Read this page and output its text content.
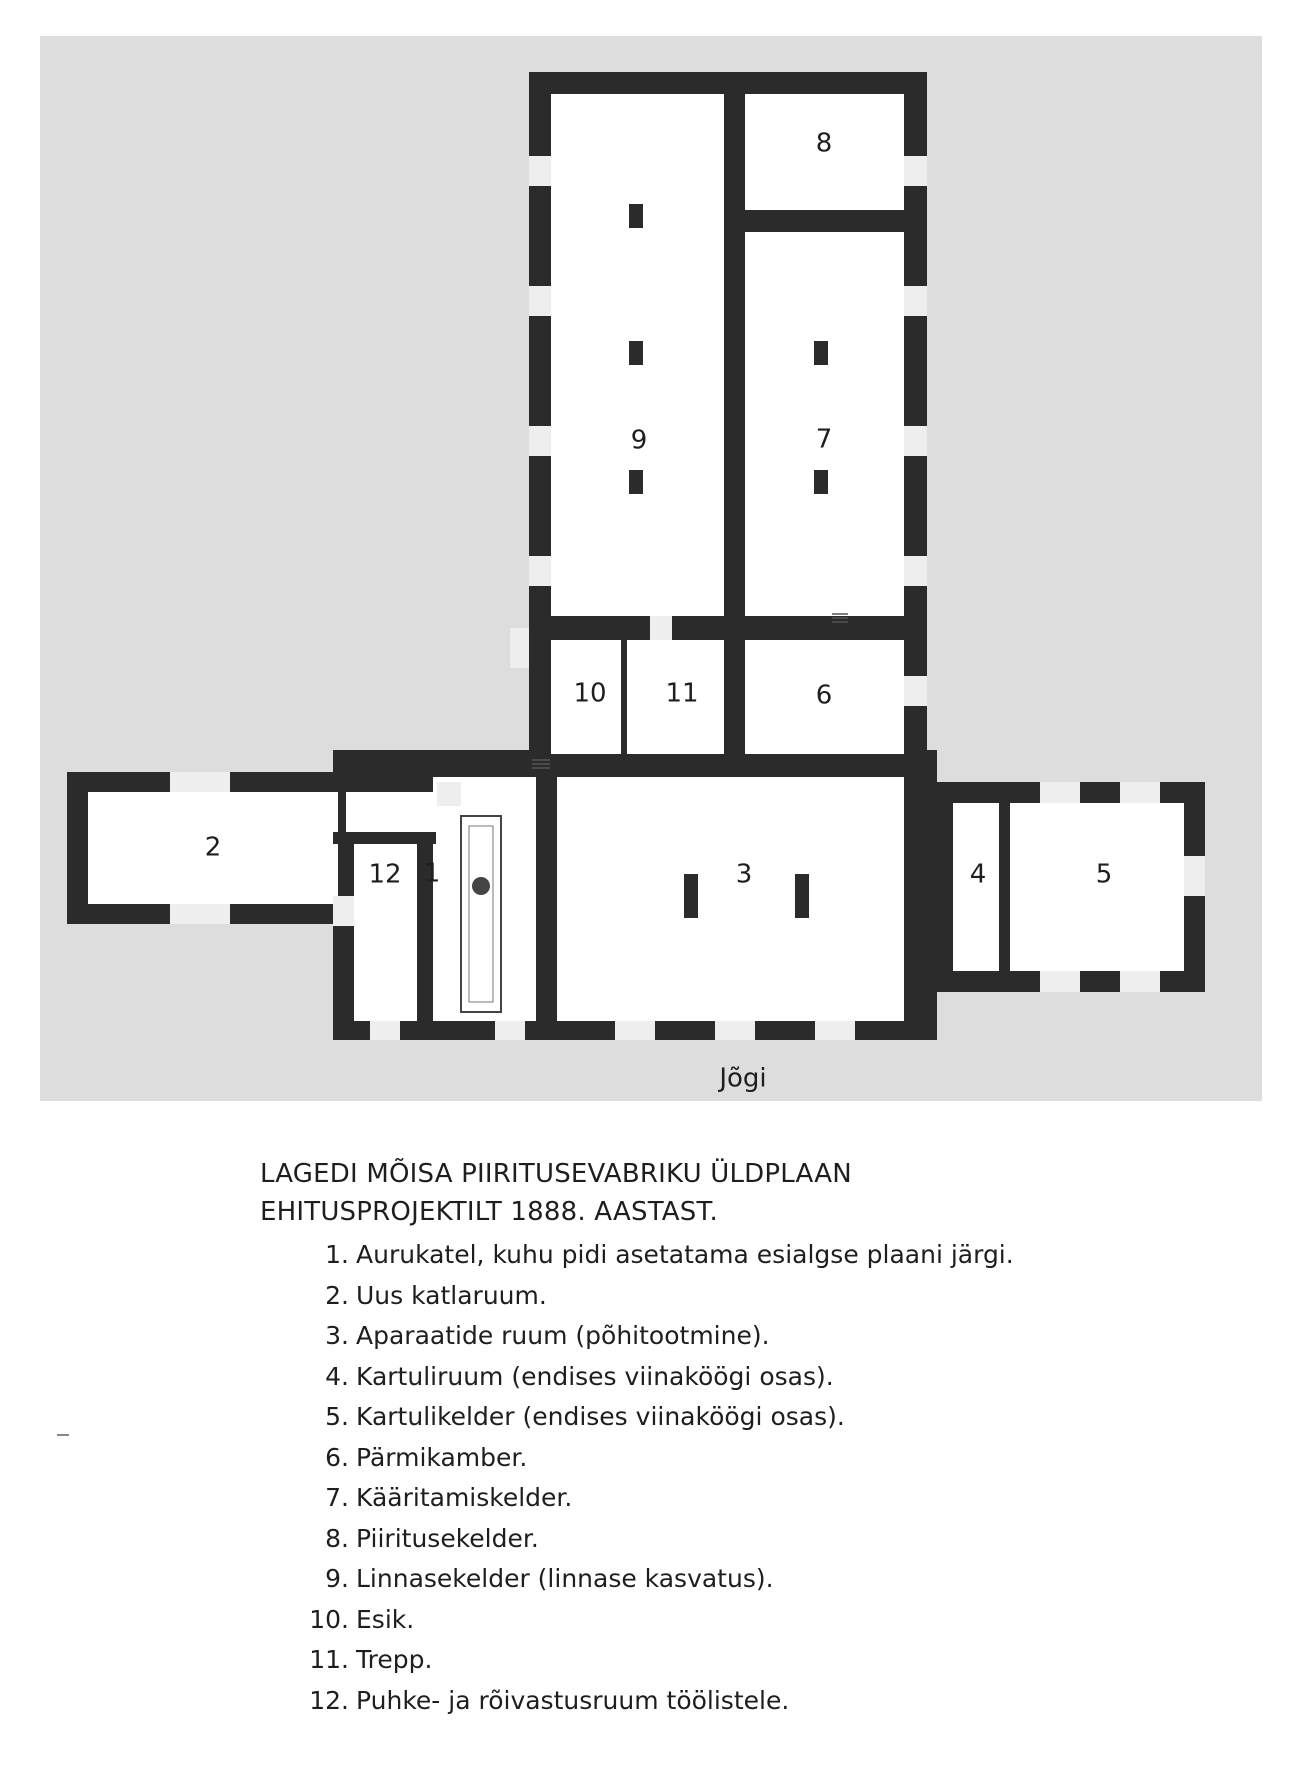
1
2
3	4	5
6
7
8
9
10 11
12
Jõgi
LAGEDI MÕISA PIIRITUSEVABRIKU ÜLDPLAAN
EHITUSPROJEKTILT 1888. AASTAST.
1. Aurukatel, kuhu pidi asetatama esialgse plaani järgi.
2. Uus katlaruum.
3. Aparaatide ruum (põhitootmine).
4. Kartuliruum (endises viinaköögi osas).
5. Kartulikelder (endises viinaköögi osas).
6. Pärmikamber.
7. Kääritamiskelder.
8. Piiritusekelder.
9. Linnasekelder (linnase kasvatus).
10. Esik.
11. Trepp.
12. Puhke- ja rõivastusruum töölistele.
